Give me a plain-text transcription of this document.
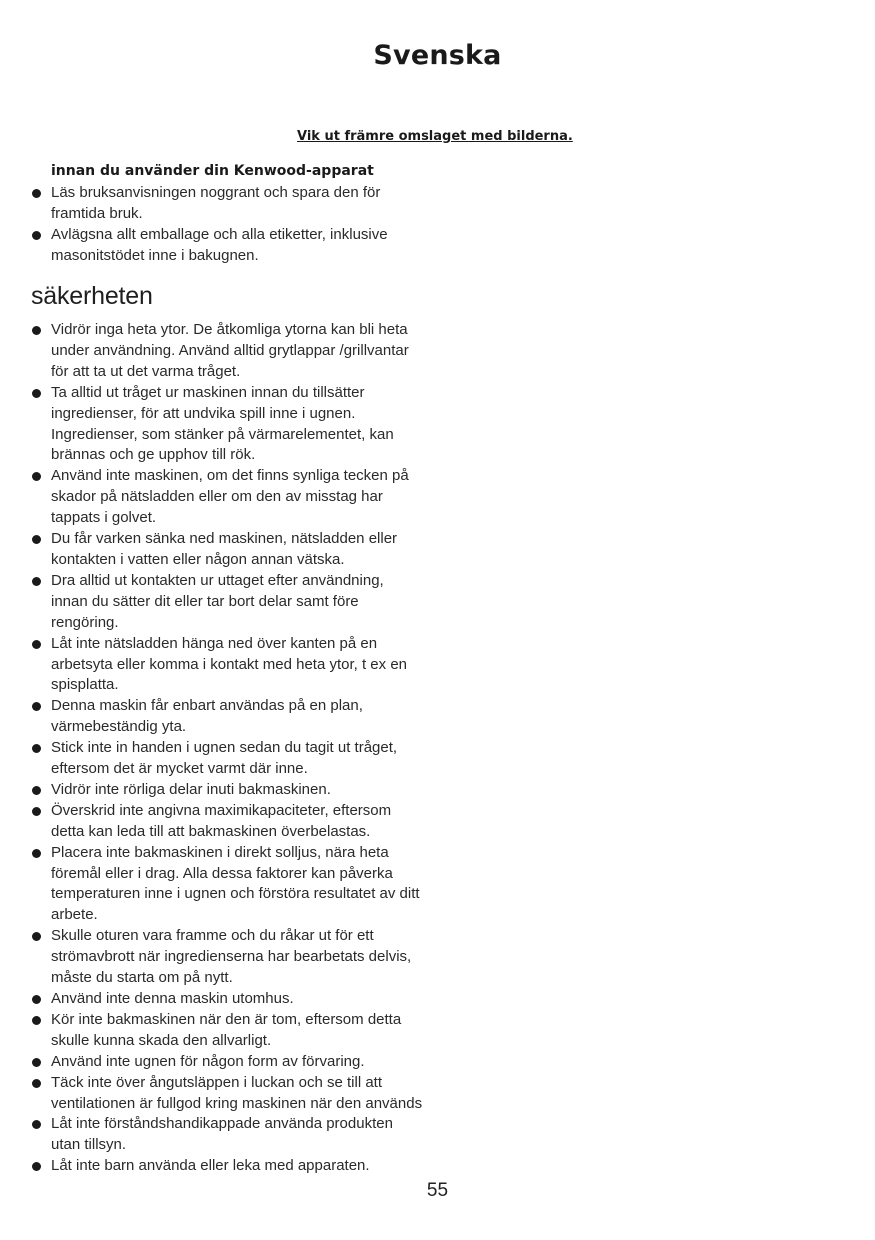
Svenska
Vik ut främre omslaget med bilderna.
innan du använder din Kenwood-apparat
Läs bruksanvisningen noggrant och spara den för
framtida bruk.
Avlägsna allt emballage och alla etiketter, inklusive
masonitstödet inne i bakugnen.
säkerheten
Vidrör inga heta ytor. De åtkomliga ytorna kan bli heta
under användning. Använd alltid grytlappar /grillvantar
för att ta ut det varma tråget.
Ta alltid ut tråget ur maskinen innan du tillsätter
ingredienser, för att undvika spill inne i ugnen.
Ingredienser, som stänker på värmarelementet, kan
brännas och ge upphov till rök.
Använd inte maskinen, om det finns synliga tecken på
skador på nätsladden eller om den av misstag har
tappats i golvet.
Du får varken sänka ned maskinen, nätsladden eller
kontakten i vatten eller någon annan vätska.
Dra alltid ut kontakten ur uttaget efter användning,
innan du sätter dit eller tar bort delar samt före
rengöring.
Låt inte nätsladden hänga ned över kanten på en
arbetsyta eller komma i kontakt med heta ytor, t ex en
spisplatta.
Denna maskin får enbart användas på en plan,
värmebeständig yta.
Stick inte in handen i ugnen sedan du tagit ut tråget,
eftersom det är mycket varmt där inne.
Vidrör inte rörliga delar inuti bakmaskinen.
Överskrid inte angivna maximikapaciteter, eftersom
detta kan leda till att bakmaskinen överbelastas.
Placera inte bakmaskinen i direkt solljus, nära heta
föremål eller i drag. Alla dessa faktorer kan påverka
temperaturen inne i ugnen och förstöra resultatet av ditt
arbete.
Skulle oturen vara framme och du råkar ut för ett
strömavbrott när ingredienserna har bearbetats delvis,
måste du starta om på nytt.
Använd inte denna maskin utomhus.
Kör inte bakmaskinen när den är tom, eftersom detta
skulle kunna skada den allvarligt.
Använd inte ugnen för någon form av förvaring.
Täck inte över ångutsläppen i luckan och se till att
ventilationen är fullgod kring maskinen när den används
Låt inte förståndshandikappade använda produkten
utan tillsyn.
Låt inte barn använda eller leka med apparaten.
55
